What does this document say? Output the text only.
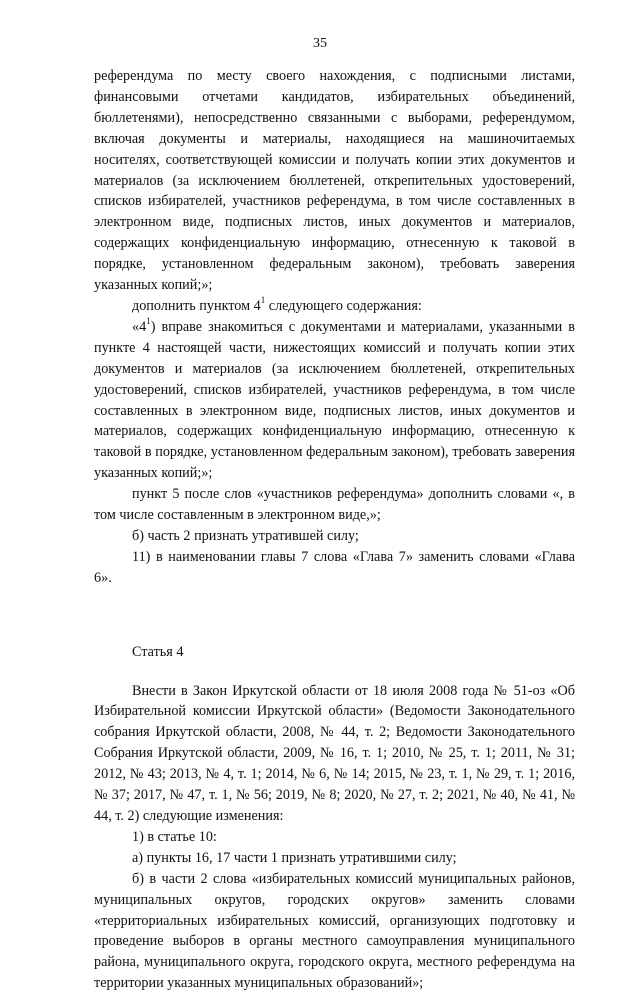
35

референдума по месту своего нахождения, с подписными листами, финансовыми отчетами кандидатов, избирательных объединений, бюллетенями), непосредственно связанными с выборами, референдумом, включая документы и материалы, находящиеся на машиночитаемых носителях, соответствующей комиссии и получать копии этих документов и материалов (за исключением бюллетеней, открепительных удостоверений, списков избирателей, участников референдума, в том числе составленных в электронном виде, подписных листов, иных документов и материалов, содержащих конфиденциальную информацию, отнесенную к таковой в порядке, установленном федеральным законом), требовать заверения указанных копий;»;

дополнить пунктом $4^1$ следующего содержания:

«$4^1$) вправе знакомиться с документами и материалами, указанными в пункте 4 настоящей части, нижестоящих комиссий и получать копии этих документов и материалов (за исключением бюллетеней, открепительных удостоверений, списков избирателей, участников референдума, в том числе составленных в электронном виде, подписных листов, иных документов и материалов, содержащих конфиденциальную информацию, отнесенную к таковой в порядке, установленном федеральным законом), требовать заверения указанных копий;»;

пункт 5 после слов «участников референдума» дополнить словами «, в том числе составленным в электронном виде,»;

б) часть 2 признать утратившей силу;

11) в наименовании главы 7 слова «Глава 7» заменить словами «Глава 6».

Статья 4

Внести в Закон Иркутской области от 18 июля 2008 года № 51-оз «Об Избирательной комиссии Иркутской области» (Ведомости Законодательного собрания Иркутской области, 2008, № 44, т. 2; Ведомости Законодательного Собрания Иркутской области, 2009, № 16, т. 1; 2010, № 25, т. 1; 2011, № 31; 2012, № 43; 2013, № 4, т. 1; 2014, № 6, № 14; 2015, № 23, т. 1, № 29, т. 1; 2016, № 37; 2017, № 47, т. 1, № 56; 2019, № 8; 2020, № 27, т. 2; 2021, № 40, № 41, № 44, т. 2) следующие изменения:

1) в статье 10:

а) пункты 16, 17 части 1 признать утратившими силу;

б) в части 2 слова «избирательных комиссий муниципальных районов, муниципальных округов, городских округов» заменить словами «территориальных избирательных комиссий, организующих подготовку и проведение выборов в органы местного самоуправления муниципального района, муниципального округа, городского округа, местного референдума на территории указанных муниципальных образований»;
